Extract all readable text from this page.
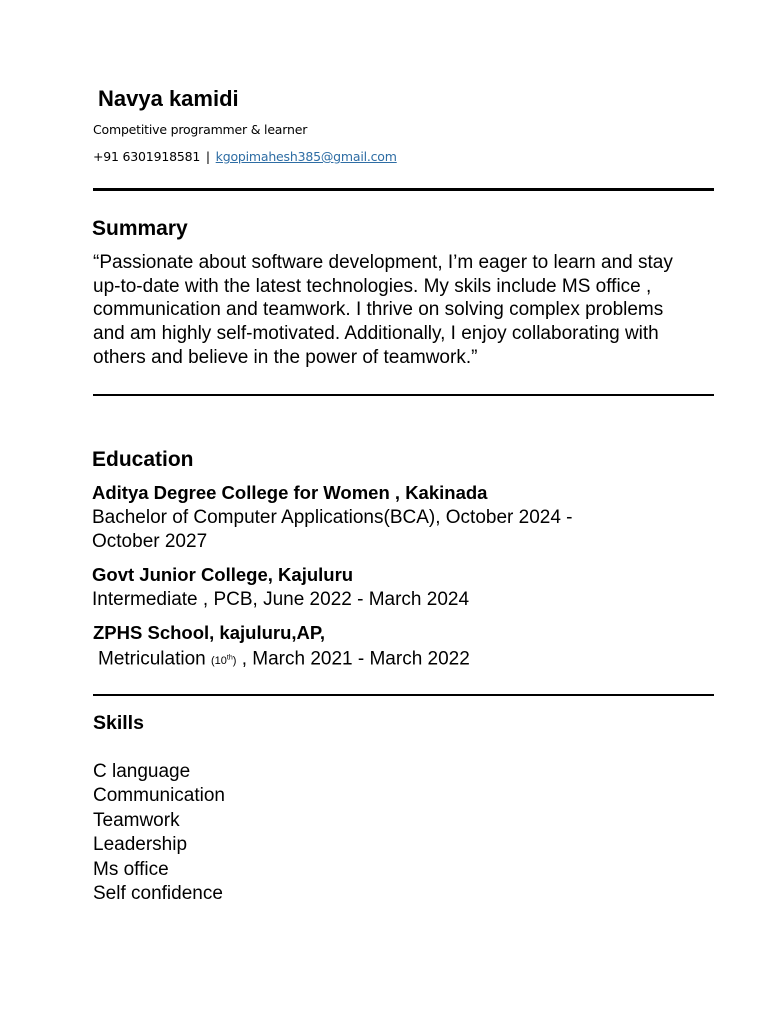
Navya kamidi
Competitive programmer & learner
+91 6301918581 | kgopimahesh385@gmail.com
Summary
“Passionate about software development, I’m eager to learn and stay up-to-date with the latest technologies. My skils include MS office , communication and teamwork. I thrive on solving complex problems and am highly self-motivated. Additionally, I enjoy collaborating with others and believe in the power of teamwork.”
Education
Aditya Degree College for Women , Kakinada
Bachelor of Computer Applications(BCA), October 2024 -
October 2027
Govt Junior College, Kajuluru
Intermediate , PCB, June 2022 - March 2024
ZPHS School, kajuluru,AP,
Metriculation (10th) , March 2021 - March 2022
Skills
C language
Communication
Teamwork
Leadership
Ms office
Self confidence
